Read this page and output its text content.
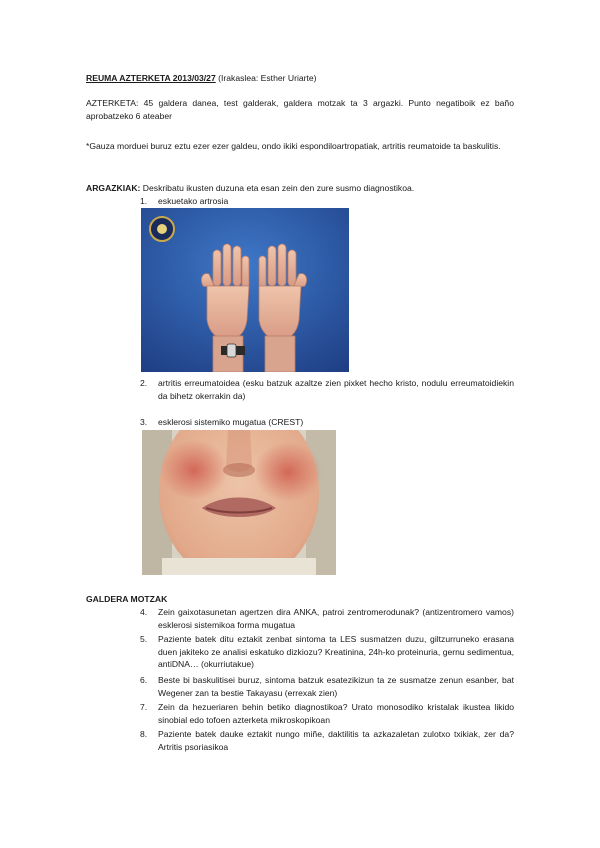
REUMA AZTERKETA 2013/03/27 (Irakaslea: Esther Uriarte)
AZTERKETA: 45 galdera danea, test galderak, galdera motzak ta 3 argazki. Punto negatiboik ez baño aprobatzeko 6 ateaber
*Gauza morduei buruz eztu ezer ezer galdeu, ondo ikiki espondiloartropatiak, artritis reumatoide ta baskulitis.
ARGAZKIAK: Deskribatu ikusten duzuna eta esan zein den zure susmo diagnostikoa.
1.	eskuetako artrosia
2.	artritis erreumatoidea (esku batzuk azaltze zien pixket hecho kristo, nodulu erreumatoidiekin da bihetz okerrakin da)
3.	esklerosi sistemiko mugatua (CREST)
GALDERA MOTZAK
4.	Zein gaixotasunetan agertzen dira ANKA, patroi zentromerodunak? (antizentromero vamos) esklerosi sistemikoa forma mugatua
5.	Paziente batek ditu eztakit zenbat sintoma ta LES susmatzen duzu, giltzurruneko erasana duen jakiteko ze analisi eskatuko dizkiozu? Kreatinina, 24h-ko proteinuria, gernu sedimentua, antiDNA… (okurriutakue)
6.	Beste bi baskulitisei buruz, sintoma batzuk esatezikizun ta ze susmatze zenun esanber, bat Wegener zan ta bestie Takayasu (errexak zien)
7.	Zein da hezueriaren behin betiko diagnostikoa? Urato monosodiko kristalak ikustea likido sinobial edo tofoen azterketa mikroskopikoan
8.	Paziente batek dauke eztakit nungo miñe, daktilitis ta azkazaletan zulotxo txikiak, zer da? Artritis psoriasikoa
